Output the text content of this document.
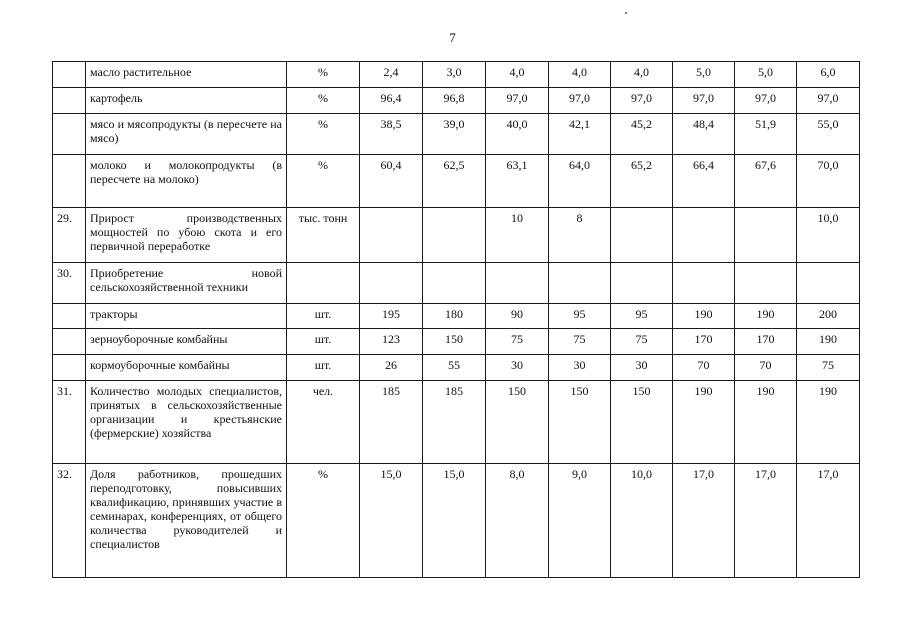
7
	масло растительное	%	2,4	3,0	4,0	4,0	4,0	5,0	5,0	6,0
	картофель	%	96,4	96,8	97,0	97,0	97,0	97,0	97,0	97,0
	мясо и мясопродукты (в пересчете на мясо)	%	38,5	39,0	40,0	42,1	45,2	48,4	51,9	55,0
	молоко и молокопродукты (в пересчете на молоко)	%	60,4	62,5	63,1	64,0	65,2	66,4	67,6	70,0
29.	Прирост производственных мощностей по убою скота и его первичной переработке	тыс. тонн			10	8				10,0
30.	Приобретение новой сельскохозяйственной техники									
	тракторы	шт.	195	180	90	95	95	190	190	200
	зерноуборочные комбайны	шт.	123	150	75	75	75	170	170	190
	кормоуборочные комбайны	шт.	26	55	30	30	30	70	70	75
31.	Количество молодых специалистов, принятых в сельскохозяйственные организации и крестьянские (фермерские) хозяйства	чел.	185	185	150	150	150	190	190	190
32.	Доля работников, прошедших переподготовку, повысивших квалификацию, принявших участие в семинарах, конференциях, от общего количества руководителей и специалистов	%	15,0	15,0	8,0	9,0	10,0	17,0	17,0	17,0
